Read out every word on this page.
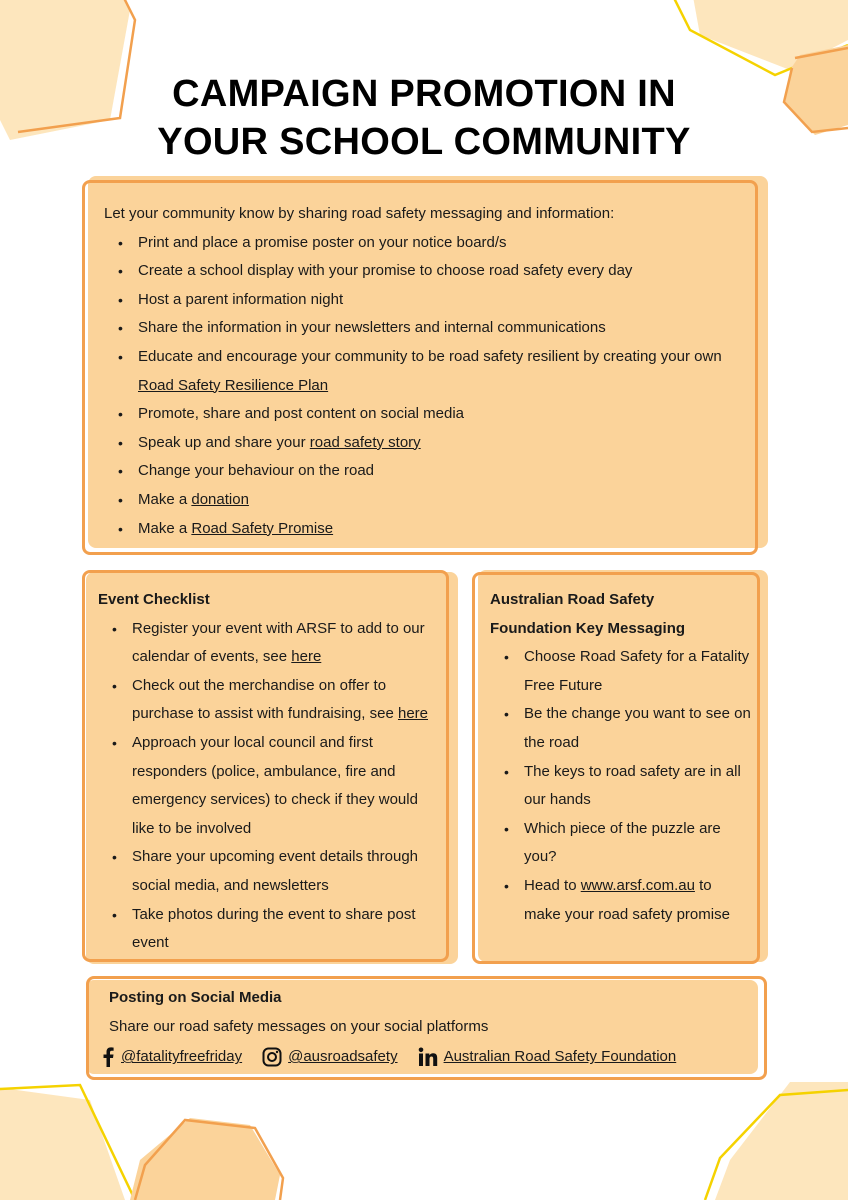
CAMPAIGN PROMOTION IN
YOUR SCHOOL COMMUNITY
Let your community know by sharing road safety messaging and information:
• Print and place a promise poster on your notice board/s
• Create a school display with your promise to choose road safety every day
• Host a parent information night
• Share the information in your newsletters and internal communications
• Educate and encourage your community to be road safety resilient by creating your own Road Safety Resilience Plan
• Promote, share and post content on social media
• Speak up and share your road safety story
• Change your behaviour on the road
• Make a donation
• Make a Road Safety Promise
Event Checklist
• Register your event with ARSF to add to our calendar of events, see here
• Check out the merchandise on offer to purchase to assist with fundraising, see here
• Approach your local council and first responders (police, ambulance, fire and emergency services) to check if they would like to be involved
• Share your upcoming event details through social media, and newsletters
• Take photos during the event to share post event
Australian Road Safety
Foundation Key Messaging
• Choose Road Safety for a Fatality Free Future
• Be the change you want to see on the road
• The keys to road safety are in all our hands
• Which piece of the puzzle are you?
• Head to www.arsf.com.au to make your road safety promise
Posting on Social Media
Share our road safety messages on your social platforms
@fatalityfreefriday	@ausroadsafety	Australian Road Safety Foundation
